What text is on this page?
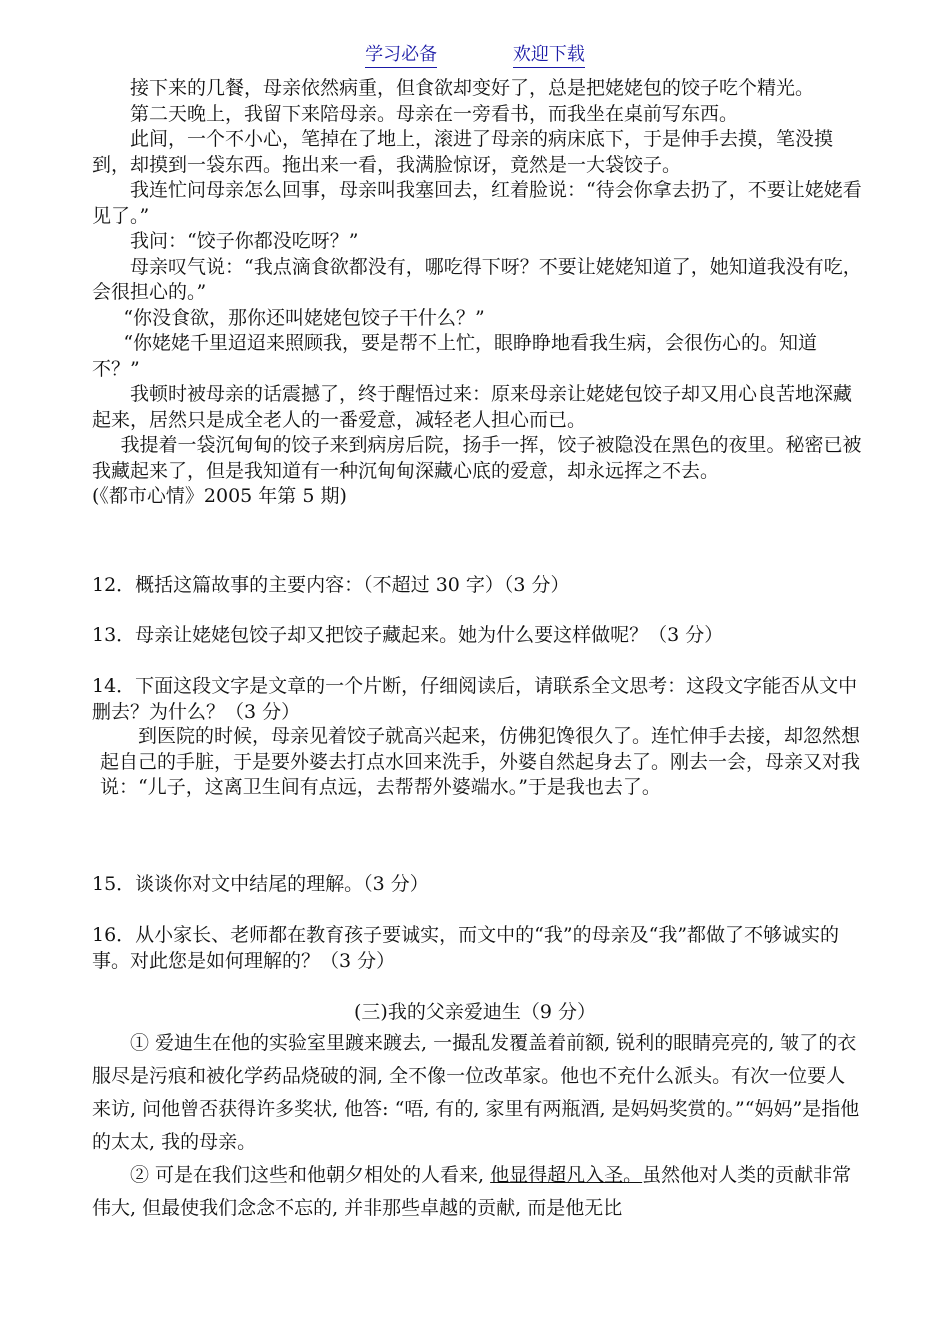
学习必备	欢迎下载

接下来的几餐，母亲依然病重，但食欲却变好了，总是把姥姥包的饺子吃个精光。

第二天晚上，我留下来陪母亲。母亲在一旁看书，而我坐在桌前写东西。

此间，一个不小心，笔掉在了地上，滚进了母亲的病床底下，于是伸手去摸，笔没摸到，却摸到一袋东西。拖出来一看，我满脸惊讶，竟然是一大袋饺子。

我连忙问母亲怎么回事，母亲叫我塞回去，红着脸说：“待会你拿去扔了，不要让姥姥看见了。”

我问：“饺子你都没吃呀？”

母亲叹气说：“我点滴食欲都没有，哪吃得下呀？不要让姥姥知道了，她知道我没有吃，会很担心的。”

“你没食欲，那你还叫姥姥包饺子干什么？”

“你姥姥千里迢迢来照顾我，要是帮不上忙，眼睁睁地看我生病，会很伤心的。知道不？”

我顿时被母亲的话震撼了，终于醒悟过来：原来母亲让姥姥包饺子却又用心良苦地深藏起来，居然只是成全老人的一番爱意，减轻老人担心而已。

我提着一袋沉甸甸的饺子来到病房后院，扬手一挥，饺子被隐没在黑色的夜里。秘密已被我藏起来了，但是我知道有一种沉甸甸深藏心底的爱意，却永远挥之不去。

(《都市心情》2005 年第 5 期)

12．概括这篇故事的主要内容：（不超过 30 字）（3 分）

13．母亲让姥姥包饺子却又把饺子藏起来。她为什么要这样做呢？（3 分）

14．下面这段文字是文章的一个片断，仔细阅读后，请联系全文思考：这段文字能否从文中删去？为什么？（3 分）

到医院的时候，母亲见着饺子就高兴起来，仿佛犯馋很久了。连忙伸手去接，却忽然想起自己的手脏，于是要外婆去打点水回来洗手，外婆自然起身去了。刚去一会，母亲又对我说：“儿子，这离卫生间有点远，去帮帮外婆端水。”于是我也去了。

15．谈谈你对文中结尾的理解。（3 分）

16．从小家长、老师都在教育孩子要诚实，而文中的“我”的母亲及“我”都做了不够诚实的事。对此您是如何理解的？（3 分）

(三)我的父亲爱迪生（9 分）

① 爱迪生在他的实验室里踱来踱去, 一撮乱发覆盖着前额, 锐利的眼睛亮亮的, 皱了的衣服尽是污痕和被化学药品烧破的洞, 全不像一位改革家。他也不充什么派头。有次一位要人来访, 问他曾否获得许多奖状, 他答: “唔, 有的, 家里有两瓶酒, 是妈妈奖赏的。”“妈妈”是指他的太太, 我的母亲。

② 可是在我们这些和他朝夕相处的人看来, 他显得超凡入圣。虽然他对人类的贡献非常伟大, 但最使我们念念不忘的, 并非那些卓越的贡献, 而是他无比
